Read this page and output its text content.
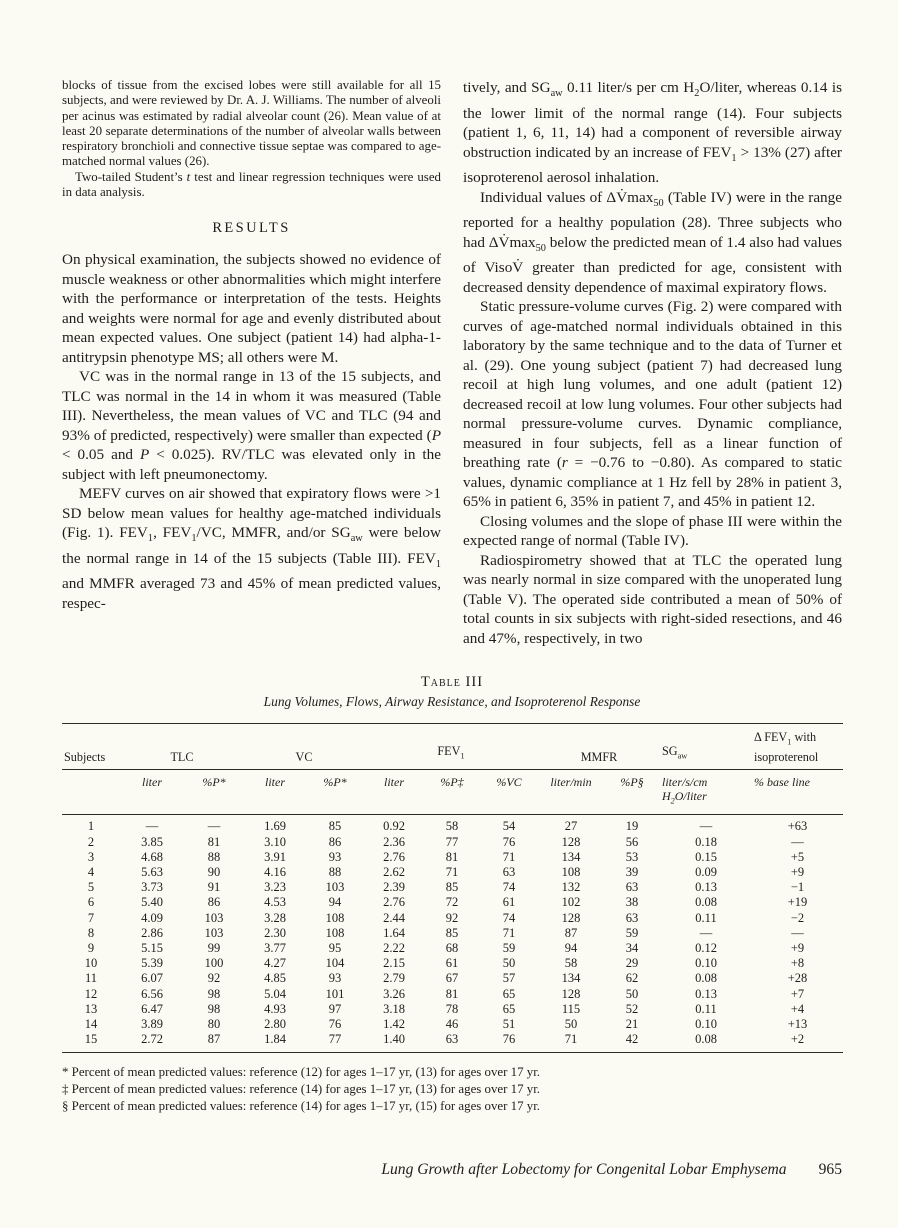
blocks of tissue from the excised lobes were still available for all 15 subjects, and were reviewed by Dr. A. J. Williams. The number of alveoli per acinus was estimated by radial alveolar count (26). Mean value of at least 20 separate determinations of the number of alveolar walls between respiratory bronchioli and connective tissue septae was compared to age-matched normal values (26).

Two-tailed Student’s t test and linear regression techniques were used in data analysis.

RESULTS

On physical examination, the subjects showed no evidence of muscle weakness or other abnormalities which might interfere with the performance or interpretation of the tests. Heights and weights were normal for age and evenly distributed about mean expected values. One subject (patient 14) had alpha-1-antitrypsin phenotype MS; all others were M.

VC was in the normal range in 13 of the 15 subjects, and TLC was normal in the 14 in whom it was measured (Table III). Nevertheless, the mean values of VC and TLC (94 and 93% of predicted, respectively) were smaller than expected (P < 0.05 and P < 0.025). RV/TLC was elevated only in the subject with left pneumonectomy.

MEFV curves on air showed that expiratory flows were >1 SD below mean values for healthy age-matched individuals (Fig. 1). $FEV_1$, $FEV_1/VC$, MMFR, and/or $SG_{aw}$ were below the normal range in 14 of the 15 subjects (Table III). $FEV_1$ and MMFR averaged 73 and 45% of mean predicted values, respec-

tively, and $SG_{aw}$ 0.11 liter/s per cm $H_2O$/liter, whereas 0.14 is the lower limit of the normal range (14). Four subjects (patient 1, 6, 11, 14) had a component of reversible airway obstruction indicated by an increase of $FEV_1 > 13\%$ (27) after isoproterenol aerosol inhalation.

Individual values of $\Delta V̇\max_{50}$ (Table IV) were in the range reported for a healthy population (28). Three subjects who had $\Delta V̇\max_{50}$ below the predicted mean of 1.4 also had values of VisoV̇ greater than predicted for age, consistent with decreased density dependence of maximal expiratory flows.

Static pressure-volume curves (Fig. 2) were compared with curves of age-matched normal individuals obtained in this laboratory by the same technique and to the data of Turner et al. (29). One young subject (patient 7) had decreased lung recoil at high lung volumes, and one adult (patient 12) decreased recoil at low lung volumes. Four other subjects had normal pressure-volume curves. Dynamic compliance, measured in four subjects, fell as a linear function of breathing rate (r = −0.76 to −0.80). As compared to static values, dynamic compliance at 1 Hz fell by 28% in patient 3, 65% in patient 6, 35% in patient 7, and 45% in patient 12.

Closing volumes and the slope of phase III were within the expected range of normal (Table IV).

Radiospirometry showed that at TLC the operated lung was nearly normal in size compared with the unoperated lung (Table V). The operated side contributed a mean of 50% of total counts in six subjects with right-sided resections, and 46 and 47%, respectively, in two

Table III
Lung Volumes, Flows, Airway Resistance, and Isoproterenol Response
Subjects	TLC		VC		$FEV_1$			MMFR		$SG_{aw}$	Δ $FEV_1$ with isoproterenol
	liter	%P*	liter	%P*	liter	%P‡	%VC	liter/min	%P§	liter/s/cm $H_2O$/liter	% base line
1	—	—	1.69	85	0.92	58	54	27	19	—	+63
2	3.85	81	3.10	86	2.36	77	76	128	56	0.18	—
3	4.68	88	3.91	93	2.76	81	71	134	53	0.15	+5
4	5.63	90	4.16	88	2.62	71	63	108	39	0.09	+9
5	3.73	91	3.23	103	2.39	85	74	132	63	0.13	−1
6	5.40	86	4.53	94	2.76	72	61	102	38	0.08	+19
7	4.09	103	3.28	108	2.44	92	74	128	63	0.11	−2
8	2.86	103	2.30	108	1.64	85	71	87	59	—	—
9	5.15	99	3.77	95	2.22	68	59	94	34	0.12	+9
10	5.39	100	4.27	104	2.15	61	50	58	29	0.10	+8
11	6.07	92	4.85	93	2.79	67	57	134	62	0.08	+28
12	6.56	98	5.04	101	3.26	81	65	128	50	0.13	+7
13	6.47	98	4.93	97	3.18	78	65	115	52	0.11	+4
14	3.89	80	2.80	76	1.42	46	51	50	21	0.10	+13
15	2.72	87	1.84	77	1.40	63	76	71	42	0.08	+2
* Percent of mean predicted values: reference (12) for ages 1–17 yr, (13) for ages over 17 yr.
‡ Percent of mean predicted values: reference (14) for ages 1–17 yr, (13) for ages over 17 yr.
§ Percent of mean predicted values: reference (14) for ages 1–17 yr, (15) for ages over 17 yr.
Lung Growth after Lobectomy for Congenital Lobar Emphysema 965
